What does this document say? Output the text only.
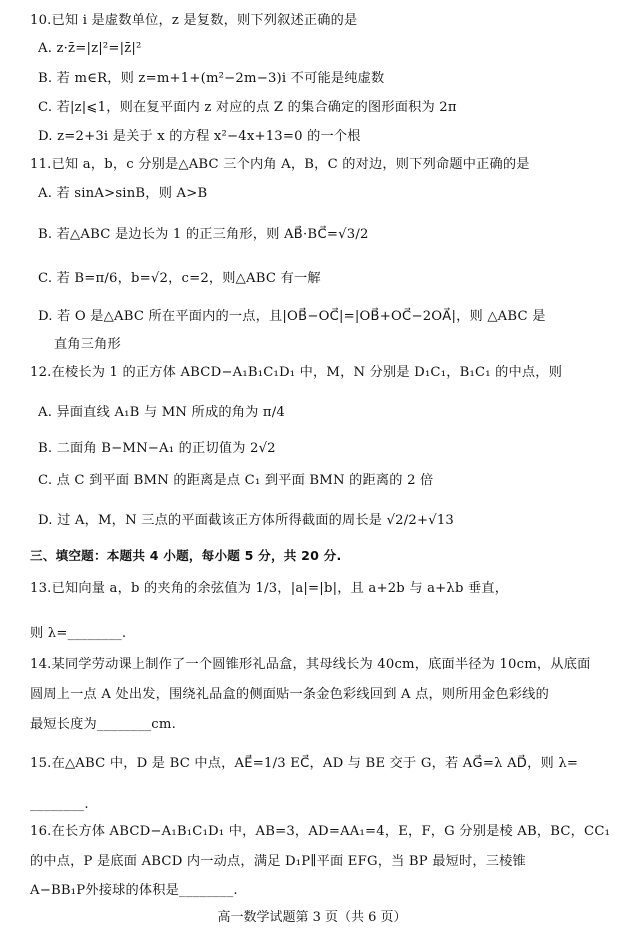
10.已知 i 是虚数单位，z 是复数，则下列叙述正确的是
A. z·z̄=|z|²=|z̄|²
B. 若 m∈R，则 z=m+1+(m²−2m−3)i 不可能是纯虚数
C. 若|z|⩽1，则在复平面内 z 对应的点 Z 的集合确定的图形面积为 2π
D. z=2+3i 是关于 x 的方程 x²−4x+13=0 的一个根
11.已知 a，b，c 分别是△ABC 三个内角 A，B，C 的对边，则下列命题中正确的是
A. 若 sinA>sinB，则 A>B
B. 若△ABC 是边长为 1 的正三角形，则 AB⃗·BC⃗=√3/2
C. 若 B=π/6，b=√2，c=2，则△ABC 有一解
D. 若 O 是△ABC 所在平面内的一点，且|OB⃗−OC⃗|=|OB⃗+OC⃗−2OA⃗|，则 △ABC 是
直角三角形
12.在棱长为 1 的正方体 ABCD−A₁B₁C₁D₁ 中，M，N 分别是 D₁C₁，B₁C₁ 的中点，则
A. 异面直线 A₁B 与 MN 所成的角为 π/4
B. 二面角 B−MN−A₁ 的正切值为 2√2
C. 点 C 到平面 BMN 的距离是点 C₁ 到平面 BMN 的距离的 2 倍
D. 过 A，M，N 三点的平面截该正方体所得截面的周长是 √2/2+√13
三、填空题：本题共 4 小题，每小题 5 分，共 20 分.
13.已知向量 a，b 的夹角的余弦值为 1/3，|a|=|b|，且 a+2b 与 a+λb 垂直，
则 λ=________.
14.某同学劳动课上制作了一个圆锥形礼品盒，其母线长为 40cm，底面半径为 10cm，从底面
圆周上一点 A 处出发，围绕礼品盒的侧面贴一条金色彩线回到 A 点，则所用金色彩线的
最短长度为________cm.
15.在△ABC 中，D 是 BC 中点，AE⃗=1/3 EC⃗，AD 与 BE 交于 G，若 AG⃗=λ AD⃗，则 λ=
________.
16.在长方体 ABCD−A₁B₁C₁D₁ 中，AB=3，AD=AA₁=4，E，F，G 分别是棱 AB，BC，CC₁
的中点，P 是底面 ABCD 内一动点，满足 D₁P∥平面 EFG，当 BP 最短时，三棱锥
A−BB₁P外接球的体积是________.
高一数学试题第 3 页（共 6 页）
